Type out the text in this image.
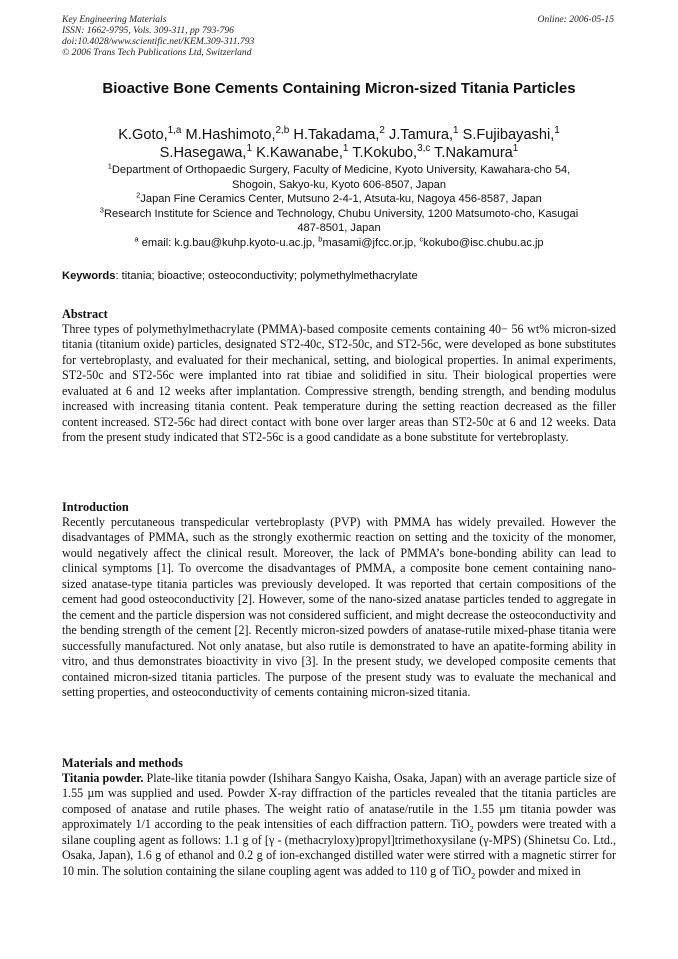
Key Engineering Materials
ISSN: 1662-9795, Vols. 309-311, pp 793-796
doi:10.4028/www.scientific.net/KEM.309-311.793
© 2006 Trans Tech Publications Ltd, Switzerland
Online: 2006-05-15
Bioactive Bone Cements Containing Micron-sized Titania Particles
K.Goto,$^{1,a}$ M.Hashimoto,$^{2,b}$ H.Takadama,$^2$ J.Tamura,$^1$ S.Fujibayashi,$^1$
S.Hasegawa,$^1$ K.Kawanabe,$^1$ T.Kokubo,$^{3,c}$ T.Nakamura$^1$
$^1$Department of Orthopaedic Surgery, Faculty of Medicine, Kyoto University, Kawahara-cho 54,
Shogoin, Sakyo-ku, Kyoto 606-8507, Japan
$^2$Japan Fine Ceramics Center, Mutsuno 2-4-1, Atsuta-ku, Nagoya 456-8587, Japan
$^3$Research Institute for Science and Technology, Chubu University, 1200 Matsumoto-cho, Kasugai
487-8501, Japan
$^a$ email: k.g.bau@kuhp.kyoto-u.ac.jp, $^b$masami@jfcc.or.jp, $^c$kokubo@isc.chubu.ac.jp
Keywords: titania; bioactive; osteoconductivity; polymethylmethacrylate
Abstract
Three types of polymethylmethacrylate (PMMA)-based composite cements containing 40− 56 wt% micron-sized titania (titanium oxide) particles, designated ST2-40c, ST2-50c, and ST2-56c, were developed as bone substitutes for vertebroplasty, and evaluated for their mechanical, setting, and biological properties. In animal experiments, ST2-50c and ST2-56c were implanted into rat tibiae and solidified in situ. Their biological properties were evaluated at 6 and 12 weeks after implantation. Compressive strength, bending strength, and bending modulus increased with increasing titania content. Peak temperature during the setting reaction decreased as the filler content increased. ST2-56c had direct contact with bone over larger areas than ST2-50c at 6 and 12 weeks. Data from the present study indicated that ST2-56c is a good candidate as a bone substitute for vertebroplasty.
Introduction
Recently percutaneous transpedicular vertebroplasty (PVP) with PMMA has widely prevailed. However the disadvantages of PMMA, such as the strongly exothermic reaction on setting and the toxicity of the monomer, would negatively affect the clinical result. Moreover, the lack of PMMA’s bone-bonding ability can lead to clinical symptoms [1]. To overcome the disadvantages of PMMA, a composite bone cement containing nano-sized anatase-type titania particles was previously developed. It was reported that certain compositions of the cement had good osteoconductivity [2]. However, some of the nano-sized anatase particles tended to aggregate in the cement and the particle dispersion was not considered sufficient, and might decrease the osteoconductivity and the bending strength of the cement [2]. Recently micron-sized powders of anatase-rutile mixed-phase titania were successfully manufactured. Not only anatase, but also rutile is demonstrated to have an apatite-forming ability in vitro, and thus demonstrates bioactivity in vivo [3]. In the present study, we developed composite cements that contained micron-sized titania particles. The purpose of the present study was to evaluate the mechanical and setting properties, and osteoconductivity of cements containing micron-sized titania.
Materials and methods
Titania powder. Plate-like titania powder (Ishihara Sangyo Kaisha, Osaka, Japan) with an average particle size of 1.55 µm was supplied and used. Powder X-ray diffraction of the particles revealed that the titania particles are composed of anatase and rutile phases. The weight ratio of anatase/rutile in the 1.55 µm titania powder was approximately 1/1 according to the peak intensities of each diffraction pattern. TiO$_2$ powders were treated with a silane coupling agent as follows: 1.1 g of [γ - (methacryloxy)propyl]trimethoxysilane (γ-MPS) (Shinetsu Co. Ltd., Osaka, Japan), 1.6 g of ethanol and 0.2 g of ion-exchanged distilled water were stirred with a magnetic stirrer for 10 min. The solution containing the silane coupling agent was added to 110 g of TiO$_2$ powder and mixed in
